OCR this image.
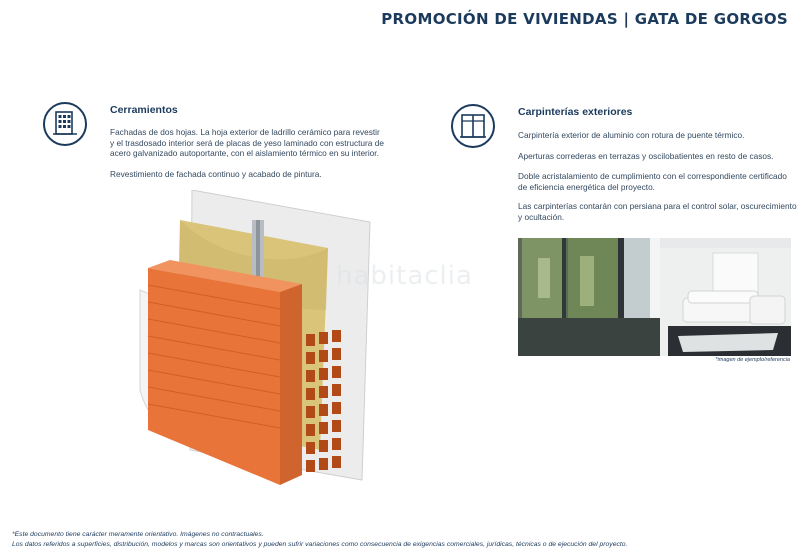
PROMOCIÓN DE VIVIENDAS | GATA DE GORGOS
Cerramientos
Fachadas de dos hojas. La hoja exterior de ladrillo cerámico para revestir
y el trasdosado interior será de placas de yeso laminado con estructura de
acero galvanizado autoportante, con el aislamiento térmico en su interior.
Revestimiento de fachada continuo y acabado de pintura.
habitaclia
Carpinterías exteriores
Carpintería exterior de aluminio con rotura de puente térmico.
Aperturas correderas en terrazas y oscilobatientes en resto de casos.
Doble acristalamiento de cumplimiento con el correspondiente certificado
de eficiencia energética del proyecto.
Las carpinterías contarán con persiana para el control solar, oscurecimiento
y ocultación.
*imagen de ejemplo/referencia
*Este documento tiene carácter meramente orientativo. Imágenes no contractuales.
Los datos referidos a superficies, distribución, modelos y marcas son orientativos y pueden sufrir variaciones como consecuencia de exigencias comerciales, jurídicas, técnicas o de ejecución del proyecto.
